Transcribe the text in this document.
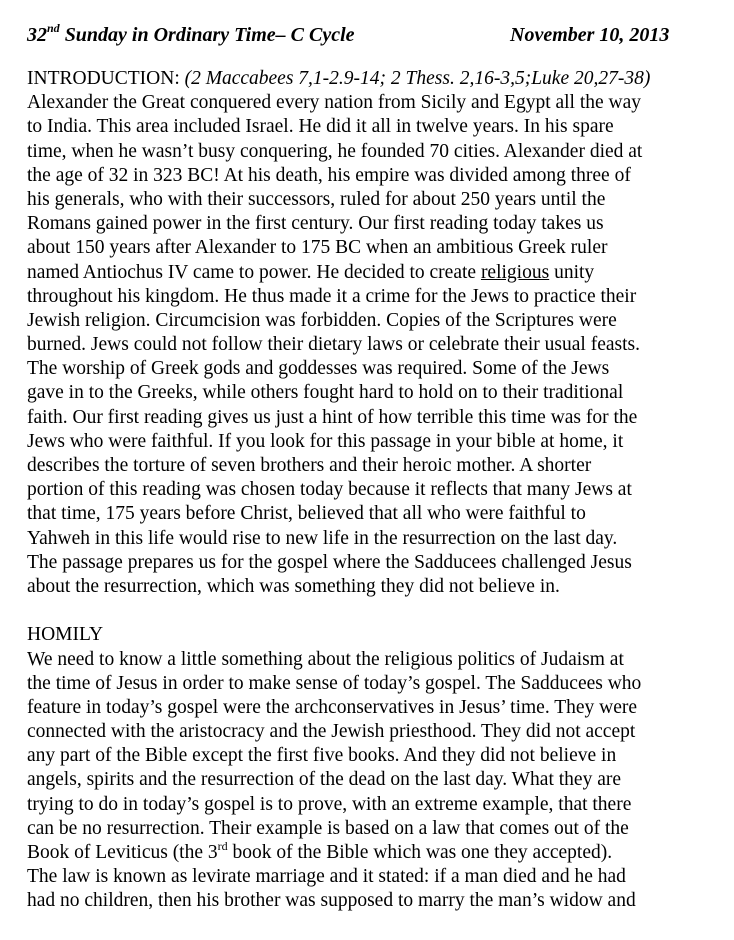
32nd Sunday in Ordinary Time– C Cycle	November 10, 2013
INTRODUCTION: (2 Maccabees 7,1-2.9-14; 2 Thess. 2,16-3,5;Luke 20,27-38)
Alexander the Great conquered every nation from Sicily and Egypt all the way
to India. This area included Israel. He did it all in twelve years. In his spare
time, when he wasn’t busy conquering, he founded 70 cities. Alexander died at
the age of 32 in 323 BC! At his death, his empire was divided among three of
his generals, who with their successors, ruled for about 250 years until the
Romans gained power in the first century. Our first reading today takes us
about 150 years after Alexander to 175 BC when an ambitious Greek ruler
named Antiochus IV came to power. He decided to create religious unity
throughout his kingdom. He thus made it a crime for the Jews to practice their
Jewish religion. Circumcision was forbidden. Copies of the Scriptures were
burned. Jews could not follow their dietary laws or celebrate their usual feasts.
The worship of Greek gods and goddesses was required. Some of the Jews
gave in to the Greeks, while others fought hard to hold on to their traditional
faith. Our first reading gives us just a hint of how terrible this time was for the
Jews who were faithful. If you look for this passage in your bible at home, it
describes the torture of seven brothers and their heroic mother. A shorter
portion of this reading was chosen today because it reflects that many Jews at
that time, 175 years before Christ, believed that all who were faithful to
Yahweh in this life would rise to new life in the resurrection on the last day.
The passage prepares us for the gospel where the Sadducees challenged Jesus
about the resurrection, which was something they did not believe in.
HOMILY
We need to know a little something about the religious politics of Judaism at
the time of Jesus in order to make sense of today’s gospel. The Sadducees who
feature in today’s gospel were the archconservatives in Jesus’ time. They were
connected with the aristocracy and the Jewish priesthood. They did not accept
any part of the Bible except the first five books. And they did not believe in
angels, spirits and the resurrection of the dead on the last day. What they are
trying to do in today’s gospel is to prove, with an extreme example, that there
can be no resurrection. Their example is based on a law that comes out of the
Book of Leviticus (the 3rd book of the Bible which was one they accepted).
The law is known as levirate marriage and it stated: if a man died and he had
had no children, then his brother was supposed to marry the man’s widow and
